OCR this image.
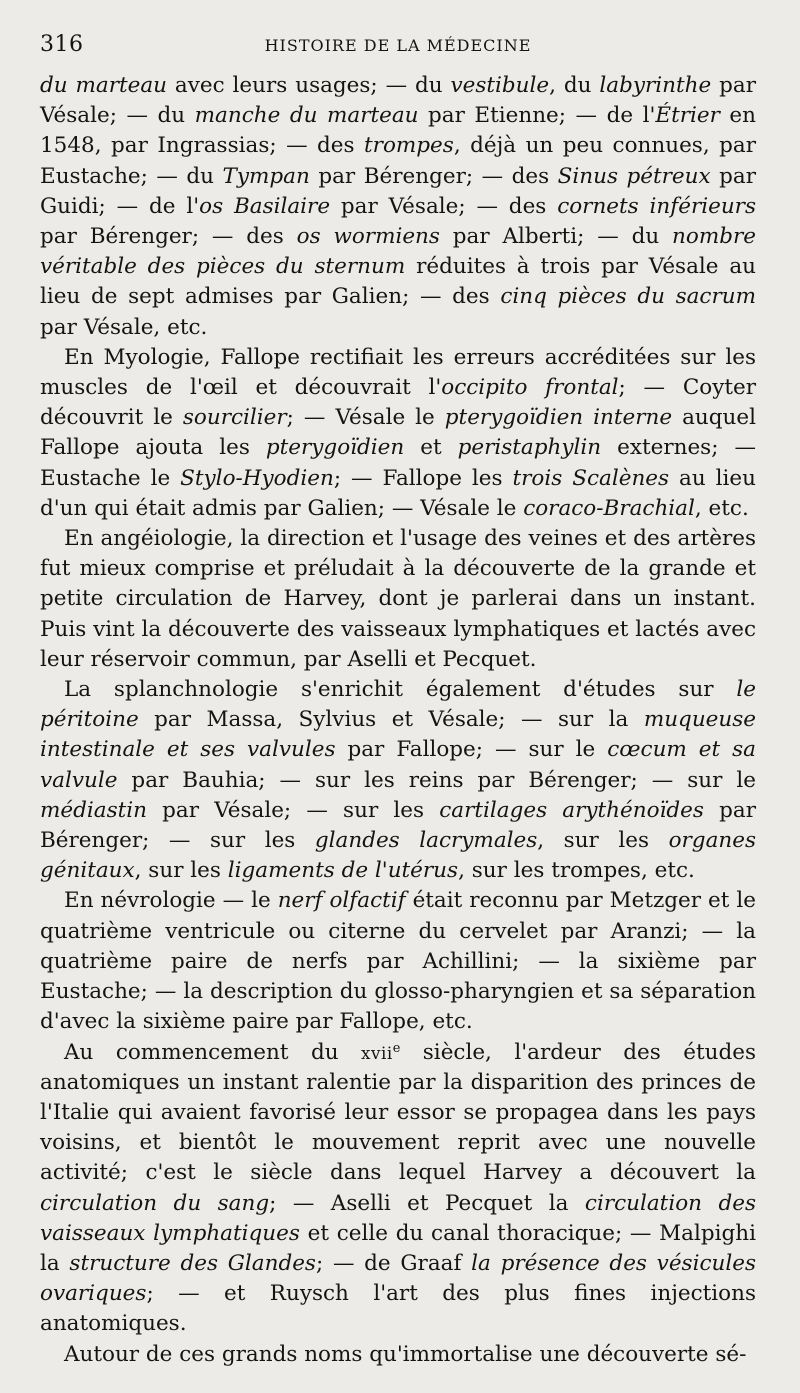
316	HISTOIRE DE LA MÉDECINE

du marteau avec leurs usages; — du vestibule, du labyrinthe par Vésale; — du manche du marteau par Etienne; — de l'Étrier en 1548, par Ingrassias; — des trompes, déjà un peu connues, par Eustache; — du Tympan par Bérenger; — des Sinus pétreux par Guidi; — de l'os Basilaire par Vésale; — des cornets inférieurs par Bérenger; — des os wormiens par Alberti; — du nombre véritable des pièces du sternum réduites à trois par Vésale au lieu de sept admises par Galien; — des cinq pièces du sacrum par Vésale, etc.

En Myologie, Fallope rectifiait les erreurs accréditées sur les muscles de l'œil et découvrait l'occipito frontal; — Coyter découvrit le sourcilier; — Vésale le pterygoïdien interne auquel Fallope ajouta les pterygoïdien et peristaphylin externes; — Eustache le Stylo-Hyodien; — Fallope les trois Scalènes au lieu d'un qui était admis par Galien; — Vésale le coraco-Brachial, etc.

En angéiologie, la direction et l'usage des veines et des artères fut mieux comprise et préludait à la découverte de la grande et petite circulation de Harvey, dont je parlerai dans un instant. Puis vint la découverte des vaisseaux lymphatiques et lactés avec leur réservoir commun, par Aselli et Pecquet.

La splanchnologie s'enrichit également d'études sur le péritoine par Massa, Sylvius et Vésale; — sur la muqueuse intestinale et ses valvules par Fallope; — sur le cœcum et sa valvule par Bauhia; — sur les reins par Bérenger; — sur le médiastin par Vésale; — sur les cartilages arythénoïdes par Bérenger; — sur les glandes lacrymales, sur les organes génitaux, sur les ligaments de l'utérus, sur les trompes, etc.

En névrologie — le nerf olfactif était reconnu par Metzger et le quatrième ventricule ou citerne du cervelet par Aranzi; — la quatrième paire de nerfs par Achillini; — la sixième par Eustache; — la description du glosso-pharyngien et sa séparation d'avec la sixième paire par Fallope, etc.

Au commencement du xvii$^e$ siècle, l'ardeur des études anatomiques un instant ralentie par la disparition des princes de l'Italie qui avaient favorisé leur essor se propagea dans les pays voisins, et bientôt le mouvement reprit avec une nouvelle activité; c'est le siècle dans lequel Harvey a découvert la circulation du sang; — Aselli et Pecquet la circulation des vaisseaux lymphatiques et celle du canal thoracique; — Malpighi la structure des Glandes; — de Graaf la présence des vésicules ovariques; — et Ruysch l'art des plus fines injections anatomiques.

Autour de ces grands noms qu'immortalise une découverte sé-
